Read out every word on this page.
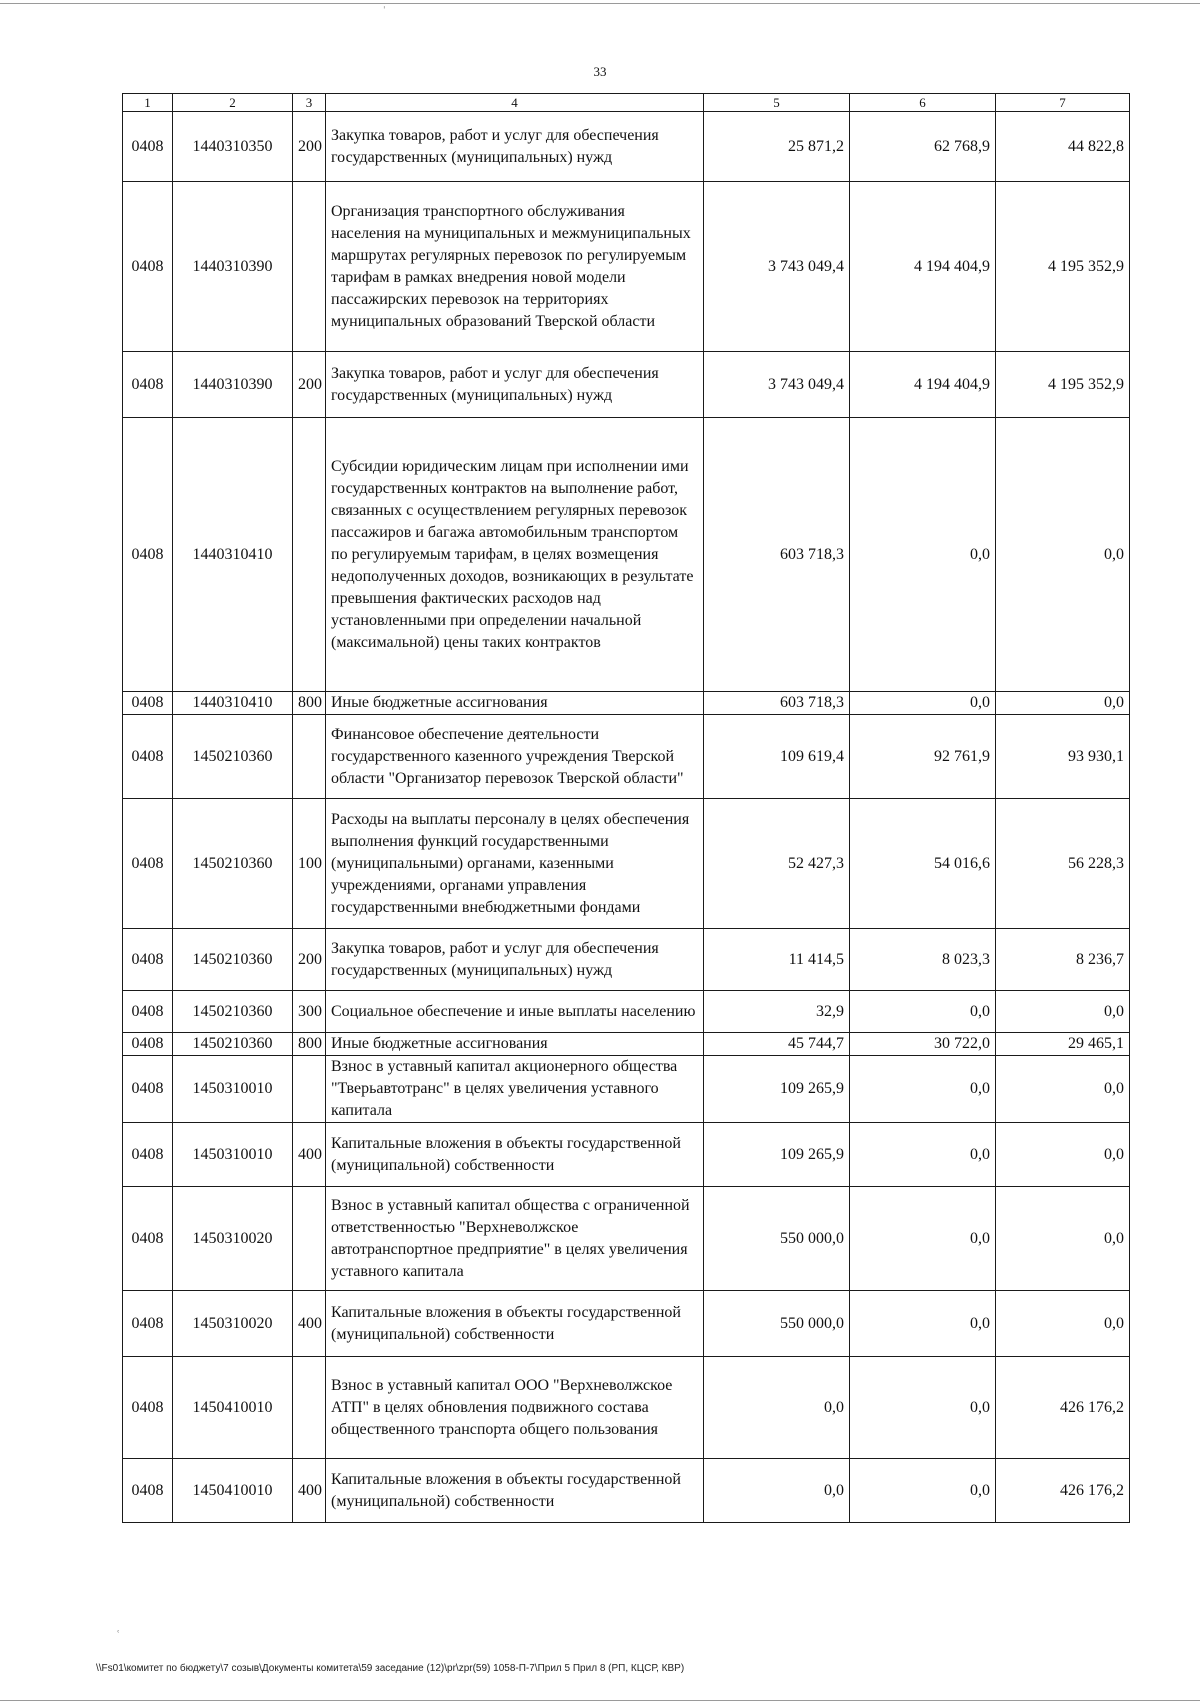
ˈ
33
1	2	3	4	5	6	7
0408	1440310350	200	Закупка товаров, работ и услуг для обеспечения государственных (муниципальных) нужд	25 871,2	62 768,9	44 822,8
0408	1440310390		Организация транспортного обслуживания населения на муниципальных и межмуниципальных маршрутах регулярных перевозок по регулируемым тарифам в рамках внедрения новой модели пассажирских перевозок на территориях муниципальных образований Тверской области	3 743 049,4	4 194 404,9	4 195 352,9
0408	1440310390	200	Закупка товаров, работ и услуг для обеспечения государственных (муниципальных) нужд	3 743 049,4	4 194 404,9	4 195 352,9
0408	1440310410		Субсидии юридическим лицам при исполнении ими государственных контрактов на выполнение работ, связанных с осуществлением регулярных перевозок пассажиров и багажа автомобильным транспортом по регулируемым тарифам, в целях возмещения недополученных доходов, возникающих в результате превышения фактических расходов над установленными при определении начальной (максимальной) цены таких контрактов	603 718,3	0,0	0,0
0408	1440310410	800	Иные бюджетные ассигнования	603 718,3	0,0	0,0
0408	1450210360		Финансовое обеспечение деятельности государственного казенного учреждения Тверской области "Организатор перевозок Тверской области"	109 619,4	92 761,9	93 930,1
0408	1450210360	100	Расходы на выплаты персоналу в целях обеспечения выполнения функций государственными (муниципальными) органами, казенными учреждениями, органами управления государственными внебюджетными фондами	52 427,3	54 016,6	56 228,3
0408	1450210360	200	Закупка товаров, работ и услуг для обеспечения государственных (муниципальных) нужд	11 414,5	8 023,3	8 236,7
0408	1450210360	300	Социальное обеспечение и иные выплаты населению	32,9	0,0	0,0
0408	1450210360	800	Иные бюджетные ассигнования	45 744,7	30 722,0	29 465,1
0408	1450310010		Взнос в уставный капитал акционерного общества "Тверьавтотранс" в целях увеличения уставного капитала	109 265,9	0,0	0,0
0408	1450310010	400	Капитальные вложения в объекты государственной (муниципальной) собственности	109 265,9	0,0	0,0
0408	1450310020		Взнос в уставный капитал общества с ограниченной ответственностью "Верхневолжское автотранспортное предприятие" в целях увеличения уставного капитала	550 000,0	0,0	0,0
0408	1450310020	400	Капитальные вложения в объекты государственной (муниципальной) собственности	550 000,0	0,0	0,0
0408	1450410010		Взнос в уставный капитал ООО "Верхневолжское АТП" в целях обновления подвижного состава общественного транспорта общего пользования	0,0	0,0	426 176,2
0408	1450410010	400	Капитальные вложения в объекты государственной (муниципальной) собственности	0,0	0,0	426 176,2
ʿ
\\Fs01\комитет по бюджету\7 созыв\Документы комитета\59 заседание (12)\pr\zpr(59) 1058-П-7\Прил 5 Прил 8 (РП, КЦСР, КВР)
